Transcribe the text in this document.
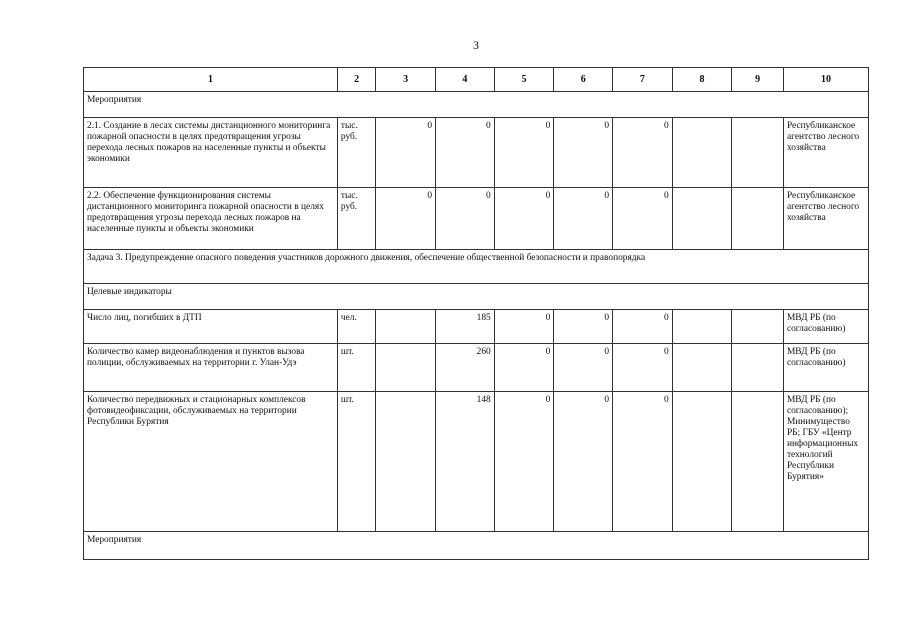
3
1	2	3	4	5	6	7	8	9	10
Мероприятия									
2.1. Создание в лесах системы дистанционного мониторинга пожарной опасности в целях предотвращения угрозы перехода лесных пожаров на населенные пункты и объекты экономики	тыс. руб.	0	0	0	0	0			Республиканское агентство лесного хозяйства
2.2. Обеспечение функционирования системы дистанционного мониторинга пожарной опасности в целях предотвращения угрозы перехода лесных пожаров на населенные пункты и объекты экономики	тыс. руб.	0	0	0	0	0			Республиканское агентство лесного хозяйства
Задача 3. Предупреждение опасного поведения участников дорожного движения, обеспечение общественной безопасности и правопорядка									
Целевые индикаторы									
Число лиц, погибших в ДТП	чел.		185	0	0	0			МВД РБ (по согласованию)
Количество камер видеонаблюдения и пунктов вызова полиции, обслуживаемых на территории г. Улан-Удэ	шт.		260	0	0	0			МВД РБ (по согласованию)
Количество передвижных и стационарных комплексов фотовидеофиксации, обслуживаемых на территории Республики Бурятия	шт.		148	0	0	0			МВД РБ (по согласованию); Минимущество РБ; ГБУ «Центр информационных технологий Республики Бурятия»
Мероприятия									
